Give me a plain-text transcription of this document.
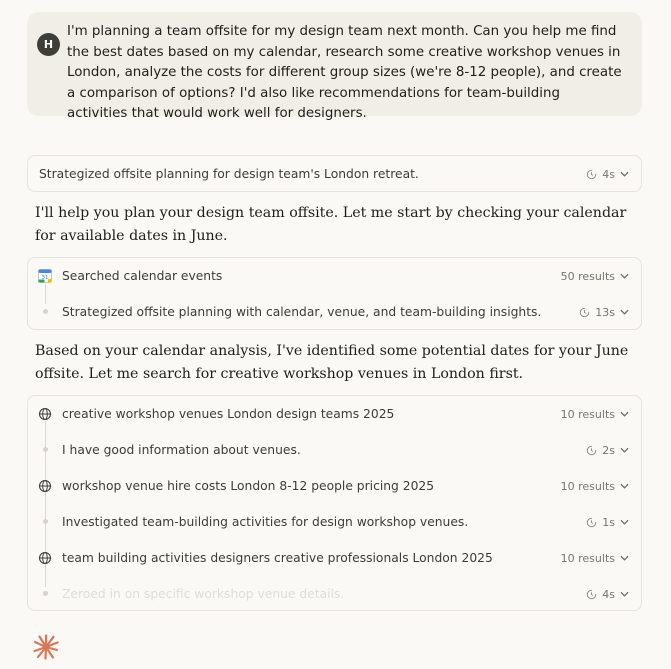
H
I'm planning a team offsite for my design team next month. Can you help me find the best dates based on my calendar, research some creative workshop venues in London, analyze the costs for different group sizes (we're 8-12 people), and create a comparison of options? I'd also like recommendations for team-building activities that would work well for designers.
Strategized offsite planning for design team's London retreat.	4s
I'll help you plan your design team offsite. Let me start by checking your calendar for available dates in June.
31 Searched calendar events	50 results
Strategized offsite planning with calendar, venue, and team-building insights.	13s
Based on your calendar analysis, I've identified some potential dates for your June offsite. Let me search for creative workshop venues in London first.
creative workshop venues London design teams 2025	10 results
I have good information about venues.	2s
workshop venue hire costs London 8-12 people pricing 2025	10 results
Investigated team-building activities for design workshop venues.	1s
team building activities designers creative professionals London 2025	10 results
Zeroed in on specific workshop venue details.	4s
